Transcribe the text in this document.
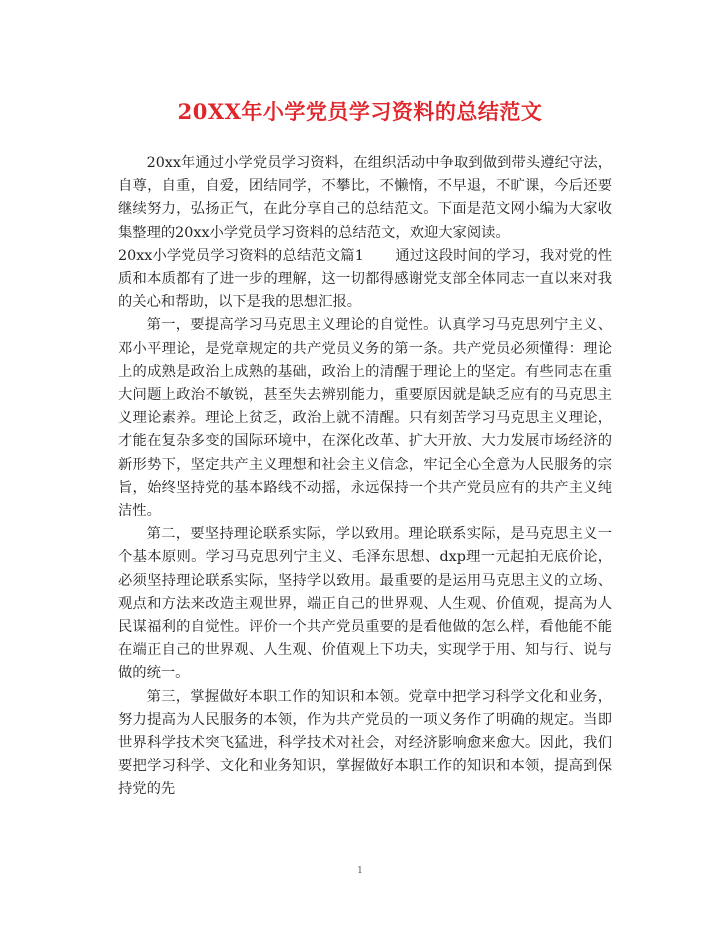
20XX年小学党员学习资料的总结范文

20xx年通过小学党员学习资料，在组织活动中争取到做到带头遵纪守法，自尊，自重，自爱，团结同学，不攀比，不懒惰，不早退，不旷课，今后还要继续努力，弘扬正气，在此分享自己的总结范文。下面是范文网小编为大家收集整理的20xx小学党员学习资料的总结范文，欢迎大家阅读。

20xx小学党员学习资料的总结范文篇1 通过这段时间的学习，我对党的性质和本质都有了进一步的理解，这一切都得感谢党支部全体同志一直以来对我的关心和帮助，以下是我的思想汇报。

第一，要提高学习马克思主义理论的自觉性。认真学习马克思列宁主义、邓小平理论，是党章规定的共产党员义务的第一条。共产党员必须懂得：理论上的成熟是政治上成熟的基础，政治上的清醒于理论上的坚定。有些同志在重大问题上政治不敏锐，甚至失去辨别能力，重要原因就是缺乏应有的马克思主义理论素养。理论上贫乏，政治上就不清醒。只有刻苦学习马克思主义理论，才能在复杂多变的国际环境中，在深化改革、扩大开放、大力发展市场经济的新形势下，坚定共产主义理想和社会主义信念，牢记全心全意为人民服务的宗旨，始终坚持党的基本路线不动摇，永远保持一个共产党员应有的共产主义纯洁性。

第二，要坚持理论联系实际，学以致用。理论联系实际，是马克思主义一个基本原则。学习马克思列宁主义、毛泽东思想、dxp理一元起拍无底价论，必须坚持理论联系实际，坚持学以致用。最重要的是运用马克思主义的立场、观点和方法来改造主观世界，端正自己的世界观、人生观、价值观，提高为人民谋福利的自觉性。评价一个共产党员重要的是看他做的怎么样，看他能不能在端正自己的世界观、人生观、价值观上下功夫，实现学于用、知与行、说与做的统一。

第三，掌握做好本职工作的知识和本领。党章中把学习科学文化和业务，努力提高为人民服务的本领，作为共产党员的一项义务作了明确的规定。当即世界科学技术突飞猛进，科学技术对社会，对经济影响愈来愈大。因此，我们要把学习科学、文化和业务知识，掌握做好本职工作的知识和本领，提高到保持党的先

1
